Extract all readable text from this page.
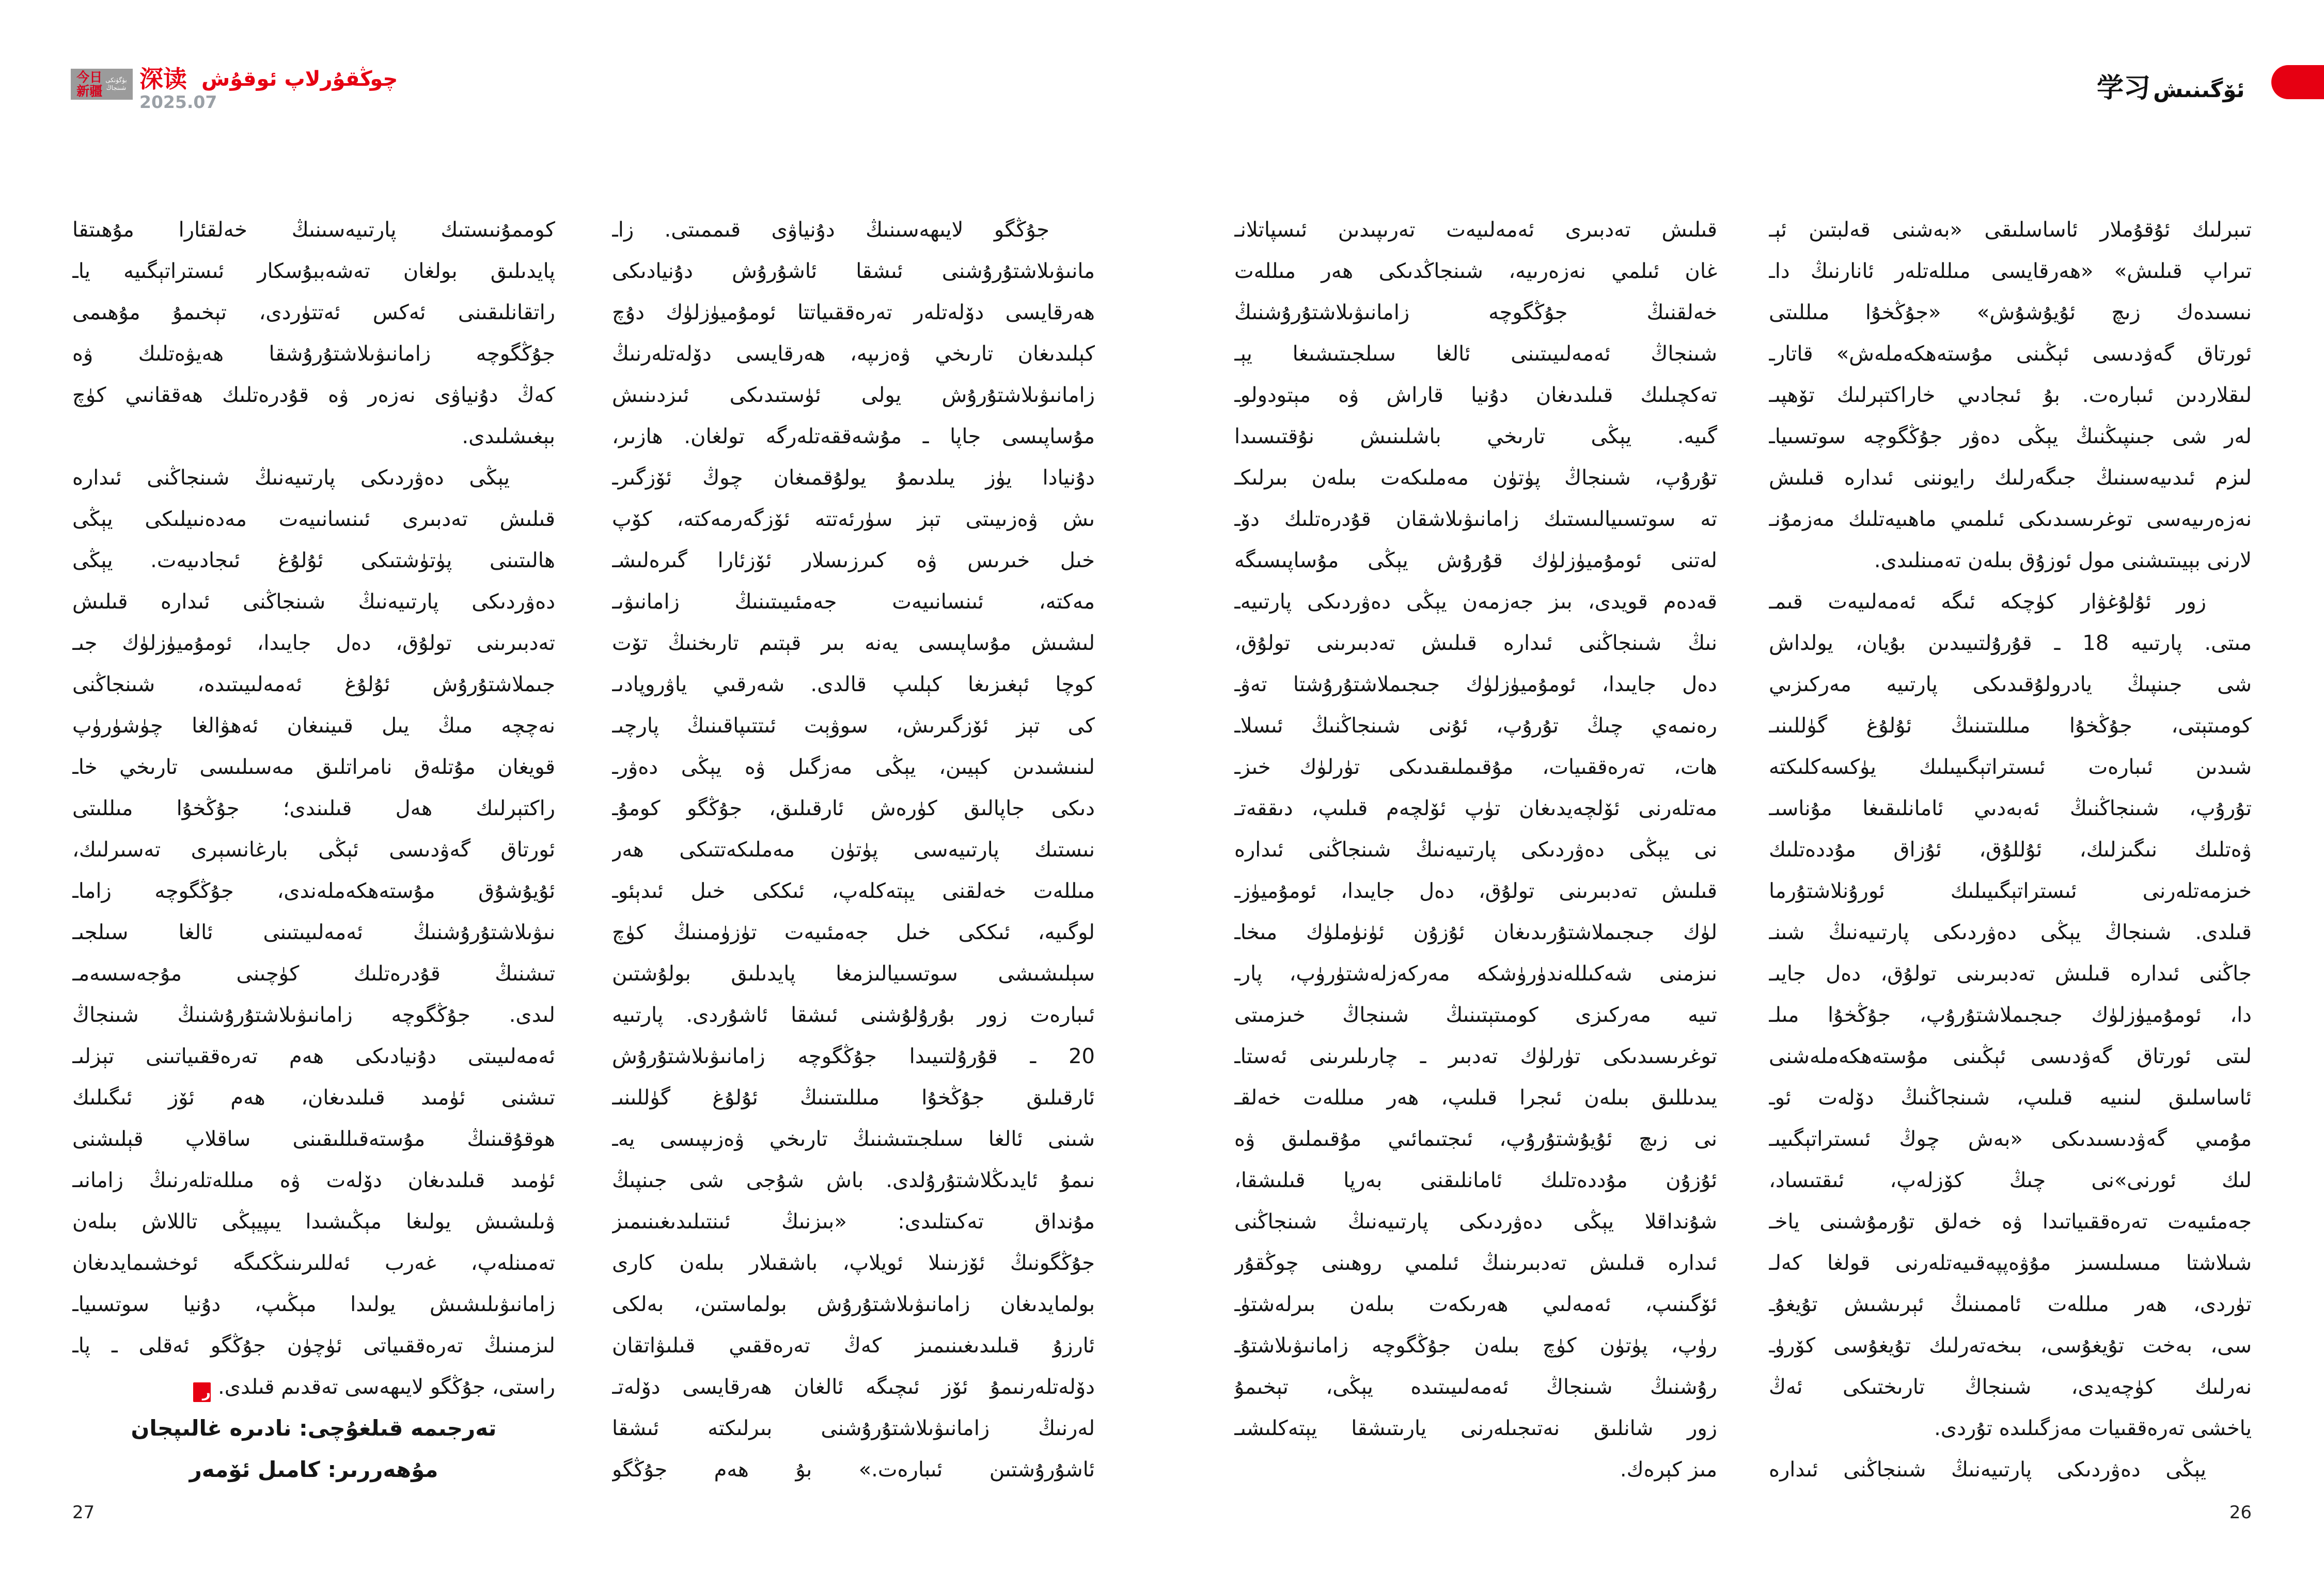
今日
新疆
بۈگۈنكى
شىنجاڭ 深读 چوڭقۇرلاپ ئوقۇش
2025.07	学习 ئۆگىنىش
كوممۇنىستىك پارتىيەسىنىڭ خەلقئارا مۇھىتقا
پايدىلىق بولغان تەشەببۇسكار ئىستراتېگىيە ياـ
راتقانلىقىنى ئەكس ئەتتۈردى، تېخىمۇ مۇھىمى
جۇڭگوچە زامانىۋىلاشتۇرۇشقا ھەيۋەتلىك ۋە
كەڭ دۇنياۋى نەزەر ۋە قۇدرەتلىك ھەققانىي كۈچ
بېغىشلىدى.
يېڭى دەۋردىكى پارتىيەنىڭ شىنجاڭنى ئىدارە
قىلىش تەدبىرى ئىنسانىيەت مەدەنىيلىكى يېڭى
ھالىتىنى پۈتۈشتىكى ئۇلۇغ ئىجادىيەت. يېڭى
دەۋردىكى پارتىيەنىڭ شىنجاڭنى ئىدارە قىلىش
تەدبىرىنى تولۇق، دەل جايىدا، ئومۇميۈزلۈك جىـ
جىملاشتۇرۇش ئۇلۇغ ئەمەلىيىتىدە، شىنجاڭنى
نەچچە مىڭ يىل قىينىغان ئەھۋالغا چۈشۈرۈپ
قويغان مۇتلەق نامراتلىق مەسىلىسى تارىخي خاـ
راكتېرلىك ھەل قىلىندى؛ جۇڭخۇا مىللىتى
ئورتاق گەۋدىسى ئېڭى بارغانسېرى تەسىرلىك،
ئۇيۇشۇق مۇستەھكەملەندى، جۇڭگوچە زاماـ
نىۋىلاشتۇرۇشنىڭ ئەمەلىيىتىنى ئالغا سىلجىـ
تىشنىڭ قۇدرەتلىك كۈچىنى مۇجەسسەمـ
لىدى. جۇڭگوچە زامانىۋىلاشتۇرۇشنىڭ شىنجاڭ
ئەمەلىيىتى دۇنيادىكى ھەم تەرەققىياتىنى تېزلىـ
تىشنى ئۈمىد قىلىدىغان، ھەم ئۆز ئىگىلىك
ھوقۇقىنىڭ مۇستەقىللىقىنى ساقلاپ قېلىشنى
ئۈمىد قىلىدىغان دۆلەت ۋە مىللەتلەرنىڭ زامانىـ
ۋىلىشىش يولىغا مېڭىشىدا يىپيېڭى تاللاش بىلەن
تەمىنلەپ، غەرب ئەللىرىنىڭكىگە ئوخشىمايدىغان
زامانىۋىلىشىش يولىدا مېڭىپ، دۇنيا سوتسىياـ
لىزمىنىڭ تەرەققىياتى ئۈچۈن جۇڭگو ئەقلى ـ پاـ
راستى، جۇڭگو لايىھەسى تەقدىم قىلدى.ر
تەرجىمە قىلغۇچى: نادىرە غالىپجان
مۇھەررىر: كامىل ئۆمەر
جۇڭگو لايىھەسىنىڭ دۇنياۋى قىممىتى. زاـ
مانىۋىلاشتۇرۇشنى ئىشقا ئاشۇرۇش دۇنيادىكى
ھەرقايسى دۆلەتلەر تەرەققىياتتا ئومۇميۈزلۈك دۇچ
كېلىدىغان تارىخي ۋەزىپە، ھەرقايسى دۆلەتلەرنىڭ
زامانىۋىلاشتۇرۇش يولى ئۈستىدىكى ئىزدىنىش
مۇساپىسى جاپا ـ مۇشەققەتلەرگە تولغان. ھازىر،
دۇنيادا يۈز يىلدىمۇ يولۇقمىغان چوڭ ئۆزگىرـ
ىش ۋەزىيىتى تېز سۈرئەتتە ئۆزگەرمەكتە، كۆپ
خىل خىرىس ۋە كىرزىسلار ئۆزئارا گىرەلىشـ
مەكتە، ئىنسانىيەت جەمئىيىتىنىڭ زامانىۋىـ
لىشىش مۇساپىسى يەنە بىر قېتىم تارىخنىڭ تۆت
كوچا ئېغىزىغا كېلىپ قالدى. شەرقىي ياۋروپادىـ
كى تېز ئۆزگىرىش، سوۋېت ئىتتىپاقىنىڭ پارچىـ
لىنىشىدىن كېيىن، يېڭى مەزگىل ۋە يېڭى دەۋرـ
دىكى جاپالىق كۈرەش ئارقىلىق، جۇڭگو كومۇـ
نىستىك پارتىيەسى پۈتۈن مەملىكەتتىكى ھەر
مىللەت خەلقنى يېتەكلەپ، ئىككى خىل ئىدېئوـ
لوگىيە، ئىككى خىل جەمئىيەت تۈزۈمىنىڭ كۈچ
سېلىشىشى سوتسىيالىزمغا پايدىلىق بولۇشتىن
ئىبارەت زور بۇرۇلۇشنى ئىشقا ئاشۇردى. پارتىيە
20 ـ قۇرۇلتىيىدا جۇڭگوچە زامانىۋىلاشتۇرۇش
ئارقىلىق جۇڭخۇا مىللىتىنىڭ ئۇلۇغ گۈللىنىـ
شىنى ئالغا سىلجىتىشنىڭ تارىخي ۋەزىپىسى يەـ
نىمۇ ئايدىڭلاشتۇرۇلدى. باش شۇجى شى جىنپىڭ
مۇنداق تەكىتلىدى: «بىزنىڭ ئىنتىلىدىغىنىمىز
جۇڭگونىڭ ئۆزىنىلا ئويلاپ، باشقىلار بىلەن كارى
بولمايدىغان زامانىۋىلاشتۇرۇش بولماستىن، بەلكى
ئارزۇ قىلىدىغىنىمىز كەڭ تەرەققىي قىلىۋاتقان
دۆلەتلەرنىمۇ ئۆز ئىچىگە ئالغان ھەرقايسى دۆلەتـ
لەرنىڭ زامانىۋىلاشتۇرۇشنى بىرلىكتە ئىشقا
ئاشۇرۇشتىن ئىبارەت.» بۇ ھەم جۇڭگو
قىلىش تەدبىرى ئەمەلىيەت تەرىپىدىن ئىسپاتلانـ
غان ئىلمي نەزەرىيە، شىنجاڭدىكى ھەر مىللەت
خەلقنىڭ جۇڭگوچە زامانىۋىلاشتۇرۇشنىڭ
شىنجاڭ ئەمەلىيىتىنى ئالغا سىلجىتىشىغا يېـ
تەكچىلىك قىلىدىغان دۇنيا قاراش ۋە مېتودولوـ
گىيە. يېڭى تارىخي باشلىنىش نۇقتىسىدا
تۇرۇپ، شىنجاڭ پۈتۈن مەملىكەت بىلەن بىرلىكـ
تە سوتسىيالىستىك زامانىۋىلاشقان قۇدرەتلىك دۆـ
لەتنى ئومۇميۈزلۈك قۇرۇش يېڭى مۇساپىسىگە
قەدەم قويدى، بىز جەزمەن يېڭى دەۋردىكى پارتىيەـ
نىڭ شىنجاڭنى ئىدارە قىلىش تەدبىرىنى تولۇق،
دەل جايىدا، ئومۇميۈزلۈك جىجىملاشتۇرۇشتا تەۋـ
رەنمەي چىڭ تۇرۇپ، ئۇنى شىنجاڭنىڭ ئىسلاـ
ھات، تەرەققىيات، مۇقىملىقىدىكى تۈرلۈك خىزـ
مەتلەرنى ئۆلچەيدىغان تۈپ ئۆلچەم قىلىپ، دىققەتـ
نى يېڭى دەۋردىكى پارتىيەنىڭ شىنجاڭنى ئىدارە
قىلىش تەدبىرىنى تولۇق، دەل جايىدا، ئومۇميۈزـ
لۈك جىجىملاشتۇرىدىغان ئۇزۇن ئۈنۈملۈك مىخاـ
نىزمنى شەكىللەندۈرۈشكە مەركەزلەشتۈرۈپ، پارـ
تىيە مەركىزى كومىتېتىنىڭ شىنجاڭ خىزمىتى
توغرىسىدىكى تۈرلۈك تەدبىر ـ چارىلىرىنى ئەستاـ
يىدىللىق بىلەن ئىجرا قىلىپ، ھەر مىللەت خەلقـ
نى زىچ ئۇيۇشتۇرۇپ، ئىجتىمائىي مۇقىملىق ۋە
ئۇزۇن مۇددەتلىك ئامانلىقنى بەرپا قىلىشقا،
شۇنداقلا يېڭى دەۋردىكى پارتىيەنىڭ شىنجاڭنى
ئىدارە قىلىش تەدبىرىنىڭ ئىلمىي روھىنى چوڭقۇر
ئۆگىنىپ، ئەمەلىي ھەرىكەت بىلەن بىرلەشتۈـ
رۈپ، پۈتۈن كۈچ بىلەن جۇڭگوچە زامانىۋىلاشتۇـ
رۇشنىڭ شىنجاڭ ئەمەلىيىتىدە يېڭى، تېخىمۇ
زور شانلىق نەتىجىلەرنى يارىتىشقا يېتەكلىشىـ
مىز كېرەك.
تىبرلىك ئۇقۇملار ئاساسلىقى «بەشنى قەلبتىن ئېـ
تىراپ قىلىش» «ھەرقايسى مىللەتلەر ئانارنىڭ داـ
نىسىدەك زىچ ئۇيۇشۇش» «جۇڭخۇا مىللىتى
ئورتاق گەۋدىسى ئېڭىنى مۇستەھكەملەش» قاتارـ
لىقلاردىن ئىبارەت. بۇ ئىجادىي خاراكتېرلىك تۆھپىـ
لەر شى جىنپىڭنىڭ يېڭى دەۋر جۇڭگوچە سوتسىياـ
لىزم ئىدىيەسىنىڭ جىگەرلىك رايوننى ئىدارە قىلىش
نەزەرىيەسى توغرىسىدىكى ئىلمىي ماھىيەتلىك مەزمۇنـ
لارنى بېيىتىشنى مول ئوزۇق بىلەن تەمىنلىدى.
زور ئۇلۇغۋار كۈچكە ئىگە ئەمەلىيەت قىمـ
مىتى. پارتىيە 18 ـ قۇرۇلتىيىدىن بۇيان، يولداش
شى جىنپىڭ يادرولۇقىدىكى پارتىيە مەركىزىي
كومىتېتى، جۇڭخۇا مىللىتىنىڭ ئۇلۇغ گۈللىنىـ
شىدىن ئىبارەت ئىستراتېگىيىلىك يۈكسەكلىكتە
تۇرۇپ، شىنجاڭنىڭ ئەبەدىي ئامانلىقىغا مۇناسىـ
ۋەتلىك نىگىزلىك، ئۇللۇق، ئۇزاق مۇددەتلىك
خىزمەتلەرنى ئىستراتېگىيىلىك ئورۇنلاشتۇرما
قىلدى. شىنجاڭ يېڭى دەۋردىكى پارتىيەنىڭ شىنـ
جاڭنى ئىدارە قىلىش تەدبىرىنى تولۇق، دەل جايىـ
دا، ئومۇميۈزلۈك جىجىملاشتۇرۇپ، جۇڭخۇا مىلـ
لىتى ئورتاق گەۋدىسى ئېڭىنى مۇستەھكەملەشنى
ئاساسلىق لىنىيە قىلىپ، شىنجاڭنىڭ دۆلەت ئوـ
مۇمىي گەۋدىسىدىكى «بەش چوڭ ئىستراتېگىيىـ
لىك ئورنى»نى چىڭ كۆزلەپ، ئىقتىساد،
جەمئىيەت تەرەققىياتىدا ۋە خەلق تۇرمۇشىنى ياخـ
شىلاشتا مىسلىسىز مۇۋەپپەقىيەتلەرنى قولغا كەلـ
تۈردى، ھەر مىللەت ئاممىنىڭ ئېرىشىش تۇيغۇـ
سى، بەخت تۇيغۇسى، بىخەتەرلىك تۇيغۇسى كۆرۈـ
نەرلىك كۈچەيدى، شىنجاڭ تارىختىكى ئەڭ
ياخشى تەرەققىيات مەزگىلىدە تۇردى.
يېڭى دەۋردىكى پارتىيەنىڭ شىنجاڭنى ئىدارە
27	26
